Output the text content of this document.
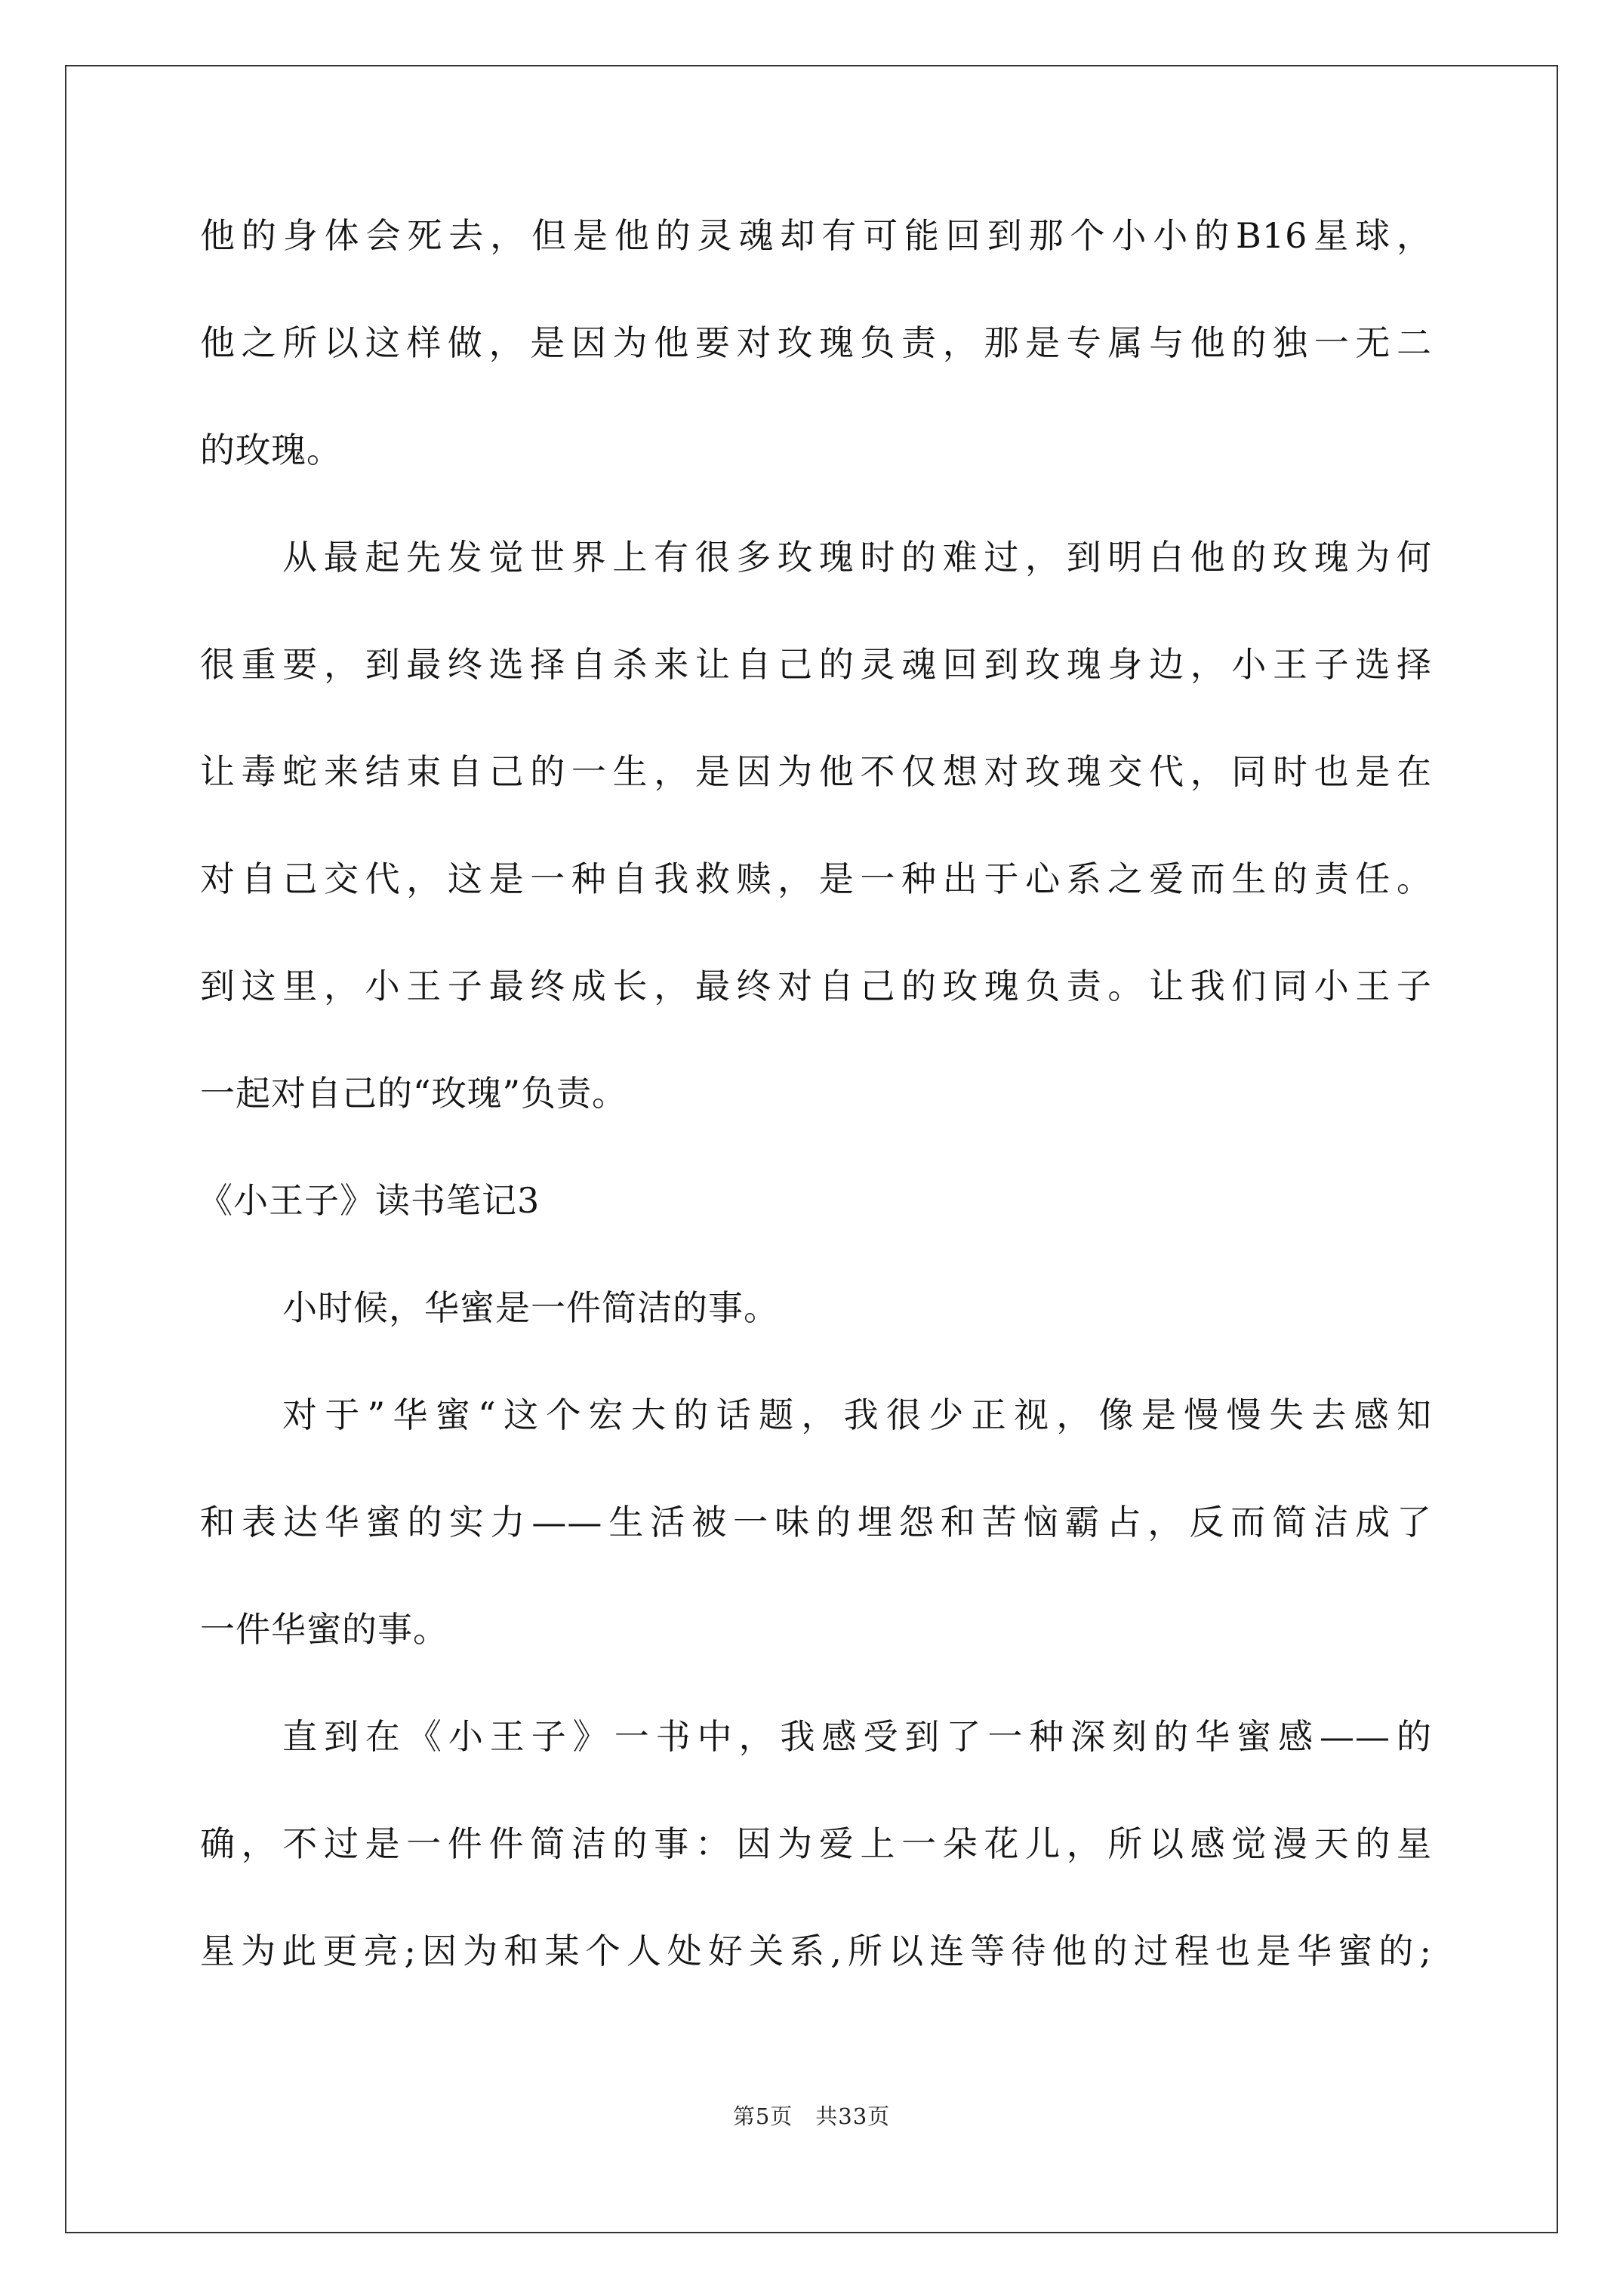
他的身体会死去，但是他的灵魂却有可能回到那个小小的B16星球，

他之所以这样做，是因为他要对玫瑰负责，那是专属与他的独一无二

的玫瑰。

从最起先发觉世界上有很多玫瑰时的难过，到明白他的玫瑰为何

很重要，到最终选择自杀来让自己的灵魂回到玫瑰身边，小王子选择

让毒蛇来结束自己的一生，是因为他不仅想对玫瑰交代，同时也是在

对自己交代，这是一种自我救赎，是一种出于心系之爱而生的责任。

到这里，小王子最终成长，最终对自己的玫瑰负责。让我们同小王子

一起对自己的“玫瑰”负责。

《小王子》读书笔记3

小时候，华蜜是一件简洁的事。

对于”华蜜“这个宏大的话题，我很少正视，像是慢慢失去感知

和表达华蜜的实力——生活被一味的埋怨和苦恼霸占，反而简洁成了

一件华蜜的事。

直到在《小王子》一书中，我感受到了一种深刻的华蜜感——的

确，不过是一件件简洁的事：因为爱上一朵花儿，所以感觉漫天的星

星为此更亮;因为和某个人处好关系,所以连等待他的过程也是华蜜的;

第5页　共33页
